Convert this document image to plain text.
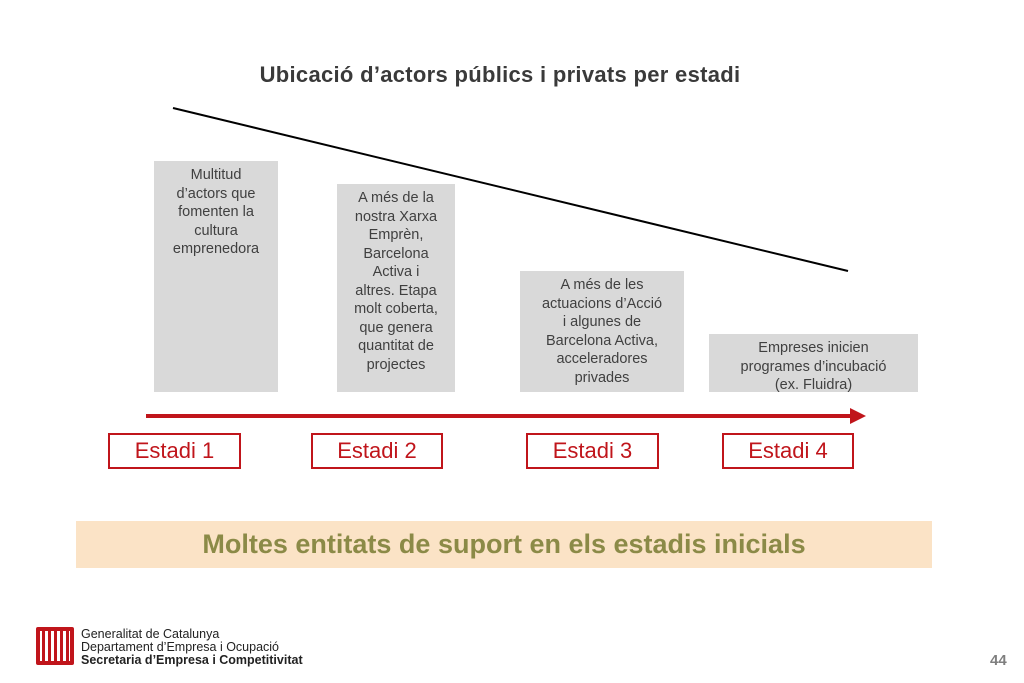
Ubicació d’actors públics i privats per estadi
Multitud
d’actors que
fomenten la
cultura
emprenedora
A més de la
nostra Xarxa
Emprèn,
Barcelona
Activa i
altres. Etapa
molt coberta,
que genera
quantitat de
projectes
A més de les
actuacions d’Acció
i algunes de
Barcelona Activa,
acceleradores
privades
Empreses inicien
programes d’incubació
(ex. Fluidra)
Estadi 1	Estadi 2	Estadi 3	Estadi 4
Moltes entitats de suport en els estadis inicials
Generalitat de Catalunya
Departament d’Empresa i Ocupació
Secretaria d’Empresa i Competitivitat	44
